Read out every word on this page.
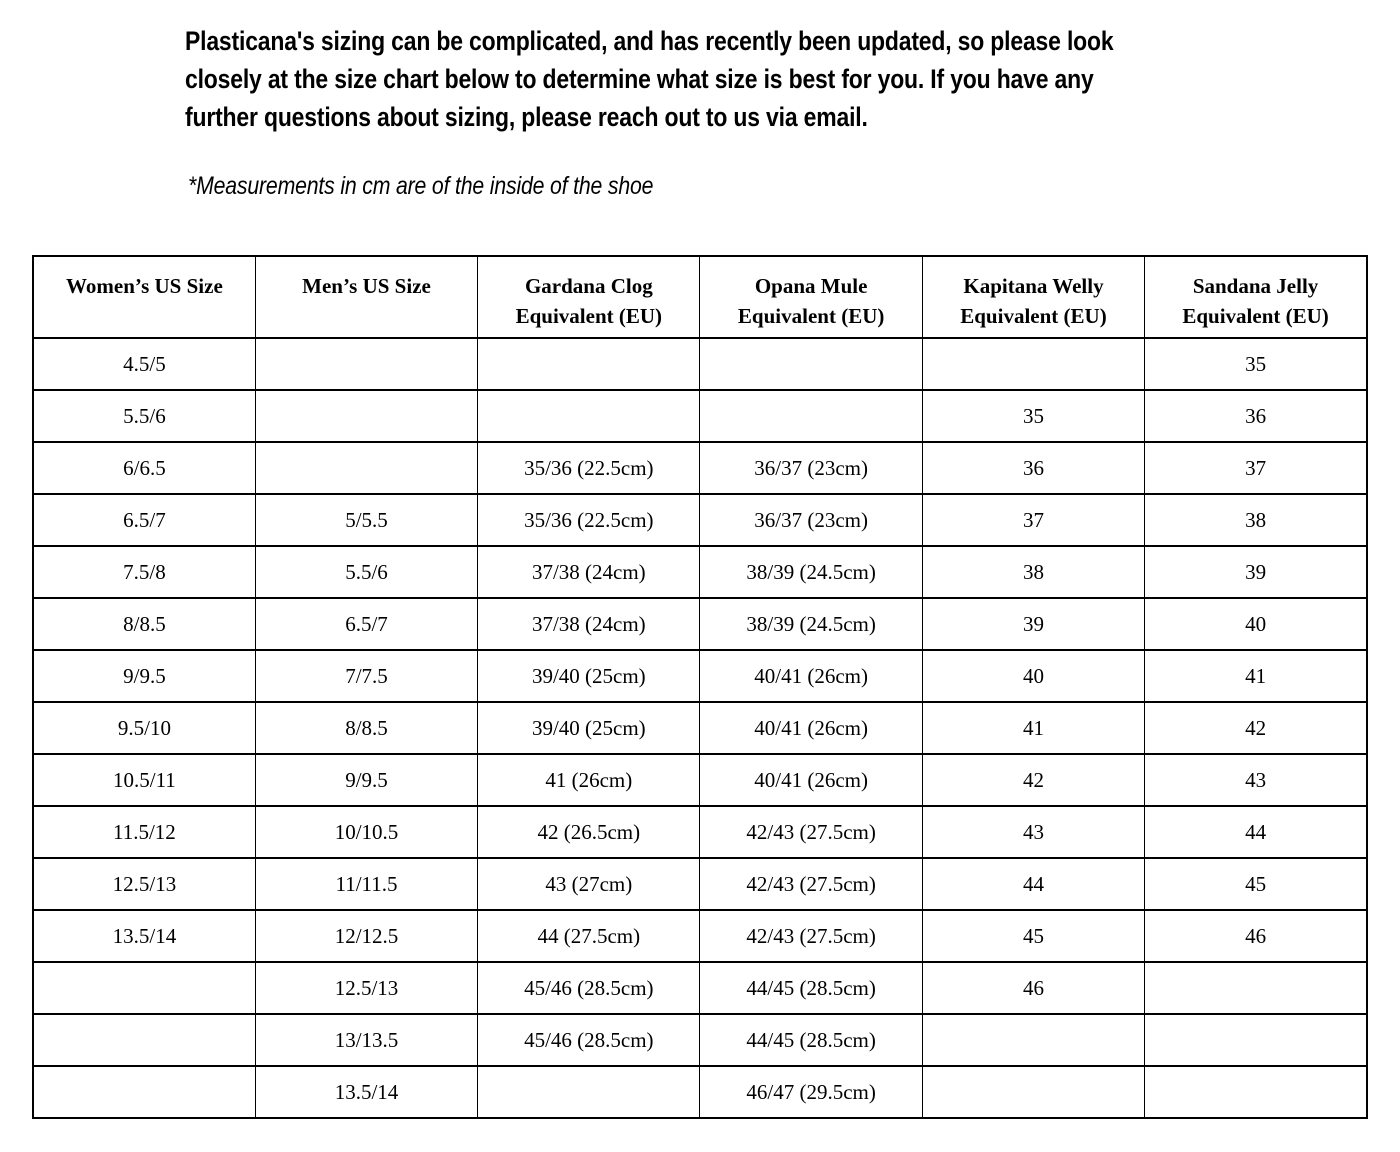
Plasticana's sizing can be complicated, and has recently been updated, so please look
closely at the size chart below to determine what size is best for you. If you have any
further questions about sizing, please reach out to us via email.
*Measurements in cm are of the inside of the shoe
Women’s US Size	Men’s US Size	Gardana Clog Equivalent (EU)	Opana Mule Equivalent (EU)	Kapitana Welly Equivalent (EU)	Sandana Jelly Equivalent (EU)
4.5/5					35
5.5/6				35	36
6/6.5		35/36 (22.5cm)	36/37 (23cm)	36	37
6.5/7	5/5.5	35/36 (22.5cm)	36/37 (23cm)	37	38
7.5/8	5.5/6	37/38 (24cm)	38/39 (24.5cm)	38	39
8/8.5	6.5/7	37/38 (24cm)	38/39 (24.5cm)	39	40
9/9.5	7/7.5	39/40 (25cm)	40/41 (26cm)	40	41
9.5/10	8/8.5	39/40 (25cm)	40/41 (26cm)	41	42
10.5/11	9/9.5	41 (26cm)	40/41 (26cm)	42	43
11.5/12	10/10.5	42 (26.5cm)	42/43 (27.5cm)	43	44
12.5/13	11/11.5	43 (27cm)	42/43 (27.5cm)	44	45
13.5/14	12/12.5	44 (27.5cm)	42/43 (27.5cm)	45	46
	12.5/13	45/46 (28.5cm)	44/45 (28.5cm)	46	
	13/13.5	45/46 (28.5cm)	44/45 (28.5cm)		
	13.5/14		46/47 (29.5cm)		
